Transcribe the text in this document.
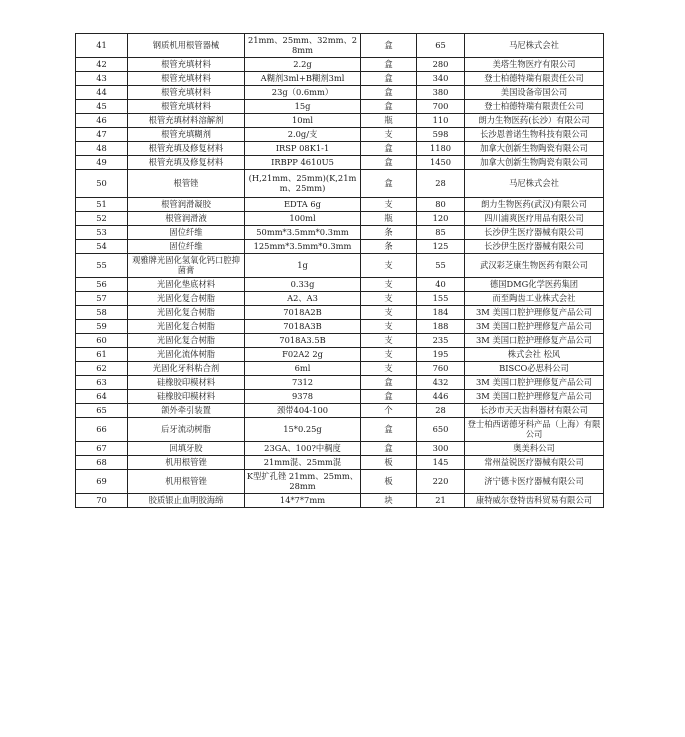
41	钢质机用根管器械	21mm、25mm、32mm、28mm	盒	65	马尼株式会社
42	根管充填材料	2.2g	盒	280	美塔生物医疗有限公司
43	根管充填材料	A糊剂3ml+B糊剂3ml	盒	340	登士柏德特瑞有限责任公司
44	根管充填材料	23g（0.6mm）	盒	380	美国设备帝国公司
45	根管充填材料	15g	盒	700	登士柏德特瑞有限责任公司
46	根管充填材料溶解剂	10ml	瓶	110	朗力生物医药(长沙）有限公司
47	根管充填糊剂	2.0g/支	支	598	长沙恩普诺生物科技有限公司
48	根管充填及修复材料	IRSP 08K1-1	盒	1180	加拿大创新生物陶瓷有限公司
49	根管充填及修复材料	IRBPP 4610U5	盒	1450	加拿大创新生物陶瓷有限公司
50	根管锉	(H,21mm、25mm)(K,21mm、25mm)	盒	28	马尼株式会社
51	根管润滑凝胶	EDTA 6g	支	80	朗力生物医药(武汉)有限公司
52	根管润滑液	100ml	瓶	120	四川浦爽医疗用品有限公司
53	固位纤维	50mm*3.5mm*0.3mm	条	85	长沙伊生医疗器械有限公司
54	固位纤维	125mm*3.5mm*0.3mm	条	125	长沙伊生医疗器械有限公司
55	观雅牌光固化氢氧化钙口腔抑菌膏	1g	支	55	武汉彩芝康生物医药有限公司
56	光固化垫底材料	0.33g	支	40	德国DMG化学医药集团
57	光固化复合树脂	A2、A3	支	155	而至陶齿工业株式会社
58	光固化复合树脂	7018A2B	支	184	3M 美国口腔护理修复产品公司
59	光固化复合树脂	7018A3B	支	188	3M 美国口腔护理修复产品公司
60	光固化复合树脂	7018A3.5B	支	235	3M 美国口腔护理修复产品公司
61	光固化流体树脂	F02A2 2g	支	195	株式会社 松风
62	光固化牙科粘合剂	6ml	支	760	BISCO必思科公司
63	硅橡胶印模材料	7312	盒	432	3M 美国口腔护理修复产品公司
64	硅橡胶印模材料	9378	盒	446	3M 美国口腔护理修复产品公司
65	颌外牵引装置	颈带404-100	个	28	长沙市天天齿科器材有限公司
66	后牙流动树脂	15*0.25g	盒	650	登士柏西诺德牙科产品（上海）有限公司
67	回填牙胶	23GA、100?中稠度	盒	300	奥美科公司
68	机用根管锉	21mm混、25mm混	板	145	常州益锐医疗器械有限公司
69	机用根管锉	K型扩孔锉 21mm、25mm、28mm	板	220	济宁德卡医疗器械有限公司
70	胶质银止血明胶海绵	14*7*7mm	块	21	康特威尔登特齿科贸易有限公司
